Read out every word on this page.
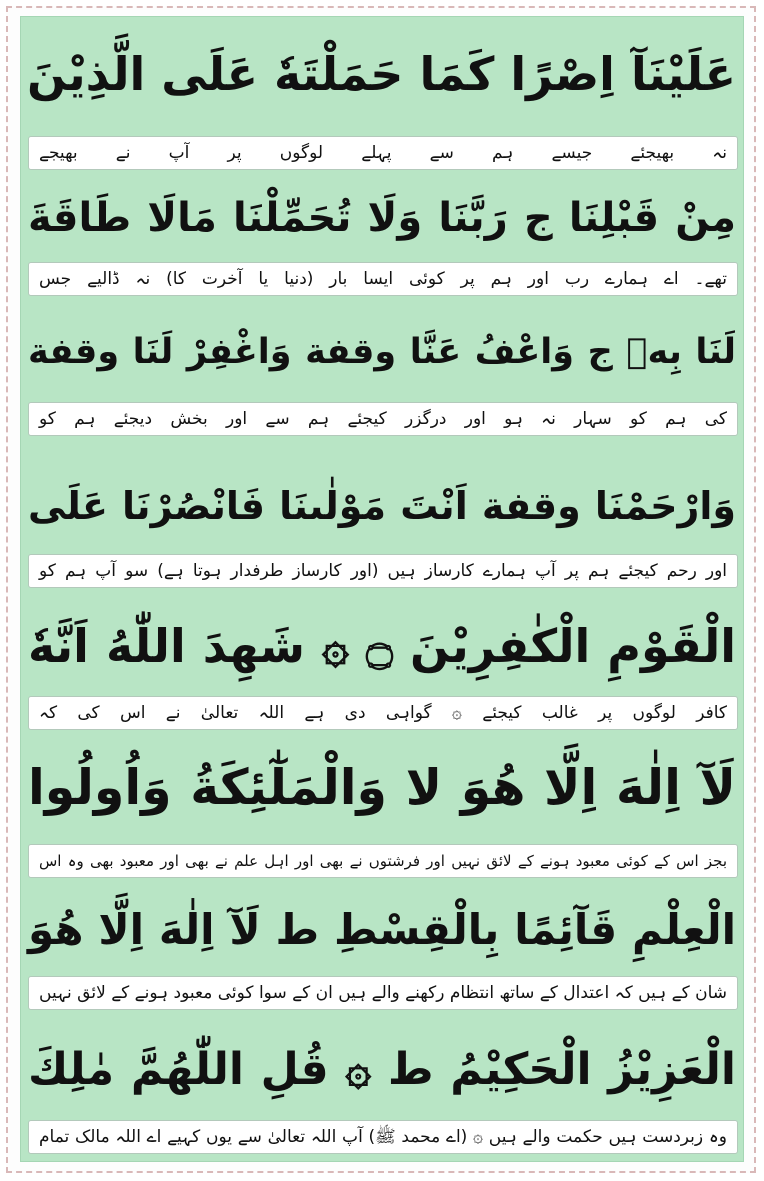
عَلَيْنَآ اِصْرًا كَمَا حَمَلْتَهٗ عَلَى الَّذِيْنَ
نہ بھیجئے جیسے ہم سے پہلے لوگوں پر آپ نے بھیجے
مِنْ قَبْلِنَا ج رَبَّنَا وَلَا تُحَمِّلْنَا مَالَا طَاقَةَ
تھے۔ اے ہمارے رب اور ہم پر کوئی ایسا بار (دنیا یا آخرت کا) نہ ڈالیے جس
لَنَا بِهٖ ج وَاعْفُ عَنَّا وقفة وَاغْفِرْ لَنَا وقفة
کی ہم کو سہار نہ ہو اور درگزر کیجئے ہم سے اور بخش دیجئے ہم کو
وَارْحَمْنَا وقفة اَنْتَ مَوْلٰىنَا فَانْصُرْنَا عَلَى
اور رحم کیجئے ہم پر آپ ہمارے کارساز ہیں (اور کارساز طرفدار ہوتا ہے) سو آپ ہم کو
الْقَوْمِ الْكٰفِرِيْنَ ۝ ۞ شَهِدَ اللّٰهُ اَنَّهٗ
کافر لوگوں پر غالب کیجئے ۞ گواہی دی ہے اللہ تعالیٰ نے اس کی کہ
لَآ اِلٰهَ اِلَّا هُوَ لا وَالْمَلٰٓئِكَةُ وَاُولُوا
بجز اس کے کوئی معبود ہونے کے لائق نہیں اور فرشتوں نے بھی اور اہل علم نے بھی اور معبود بھی وہ اس
الْعِلْمِ قَآئِمًا بِالْقِسْطِ ط لَآ اِلٰهَ اِلَّا هُوَ
شان کے ہیں کہ اعتدال کے ساتھ انتظام رکھنے والے ہیں ان کے سوا کوئی معبود ہونے کے لائق نہیں
الْعَزِيْزُ الْحَكِيْمُ ط ۞ قُلِ اللّٰهُمَّ مٰلِكَ
وہ زبردست ہیں حکمت والے ہیں ۞ (اے محمد ﷺ) آپ اللہ تعالیٰ سے یوں کہیے اے اللہ مالک تمام
